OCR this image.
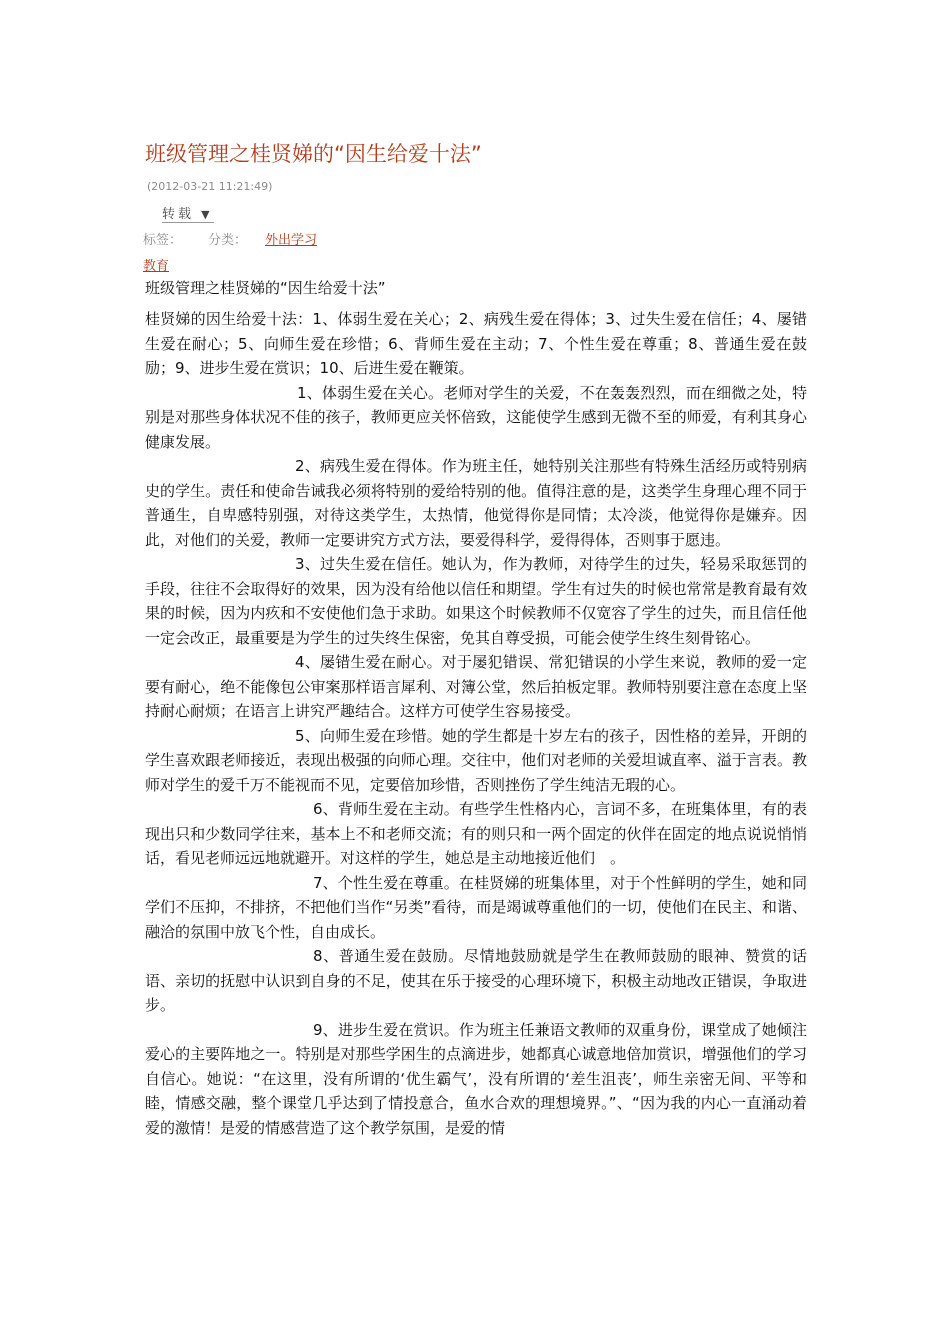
班级管理之桂贤娣的“因生给爱十法”
(2012-03-21 11:21:49)
转载 ▼
标签： 分类： 外出学习
教育
班级管理之桂贤娣的“因生给爱十法”

桂贤娣的因生给爱十法：1、体弱生爱在关心；2、病残生爱在得体；3、过失生爱在信任；4、屡错生爱在耐心；5、向师生爱在珍惜；6、背师生爱在主动；7、个性生爱在尊重；8、普通生爱在鼓励；9、进步生爱在赏识；10、后进生爱在鞭策。

1、体弱生爱在关心。老师对学生的关爱，不在轰轰烈烈，而在细微之处，特别是对那些身体状况不佳的孩子，教师更应关怀倍致，这能使学生感到无微不至的师爱，有利其身心健康发展。

2、病残生爱在得体。作为班主任，她特别关注那些有特殊生活经历或特别病史的学生。责任和使命告诫我必须将特别的爱给特别的他。值得注意的是，这类学生身理心理不同于普通生，自卑感特别强，对待这类学生，太热情，他觉得你是同情；太冷淡，他觉得你是嫌弃。因此，对他们的关爱，教师一定要讲究方式方法，要爱得科学，爱得得体，否则事于愿违。

3、过失生爱在信任。她认为，作为教师，对待学生的过失，轻易采取惩罚的手段，往往不会取得好的效果，因为没有给他以信任和期望。学生有过失的时候也常常是教育最有效果的时候，因为内疚和不安使他们急于求助。如果这个时候教师不仅宽容了学生的过失，而且信任他一定会改正，最重要是为学生的过失终生保密，免其自尊受损，可能会使学生终生刻骨铭心。

4、屡错生爱在耐心。对于屡犯错误、常犯错误的小学生来说，教师的爱一定要有耐心，绝不能像包公审案那样语言犀利、对簿公堂，然后拍板定罪。教师特别要注意在态度上坚持耐心耐烦；在语言上讲究严趣结合。这样方可使学生容易接受。

5、向师生爱在珍惜。她的学生都是十岁左右的孩子，因性格的差异，开朗的学生喜欢跟老师接近，表现出极强的向师心理。交往中，他们对老师的关爱坦诚直率、溢于言表。教师对学生的爱千万不能视而不见，定要倍加珍惜，否则挫伤了学生纯洁无瑕的心。

6、背师生爱在主动。有些学生性格内心，言词不多，在班集体里，有的表现出只和少数同学往来，基本上不和老师交流；有的则只和一两个固定的伙伴在固定的地点说说悄悄话，看见老师远远地就避开。对这样的学生，她总是主动地接近他们　。

7、个性生爱在尊重。在桂贤娣的班集体里，对于个性鲜明的学生，她和同学们不压抑，不排挤，不把他们当作“另类”看待，而是竭诚尊重他们的一切，使他们在民主、和谐、融洽的氛围中放飞个性，自由成长。

8、普通生爱在鼓励。尽情地鼓励就是学生在教师鼓励的眼神、赞赏的话语、亲切的抚慰中认识到自身的不足，使其在乐于接受的心理环境下，积极主动地改正错误，争取进步。

9、进步生爱在赏识。作为班主任兼语文教师的双重身份，课堂成了她倾注爱心的主要阵地之一。特别是对那些学困生的点滴进步，她都真心诚意地倍加赏识，增强他们的学习自信心。她说：“在这里，没有所谓的‘优生霸气’，没有所谓的‘差生沮丧’，师生亲密无间、平等和睦，情感交融，整个课堂几乎达到了情投意合，鱼水合欢的理想境界。”、“因为我的内心一直涌动着爱的激情！是爱的情感营造了这个教学氛围，是爱的情
